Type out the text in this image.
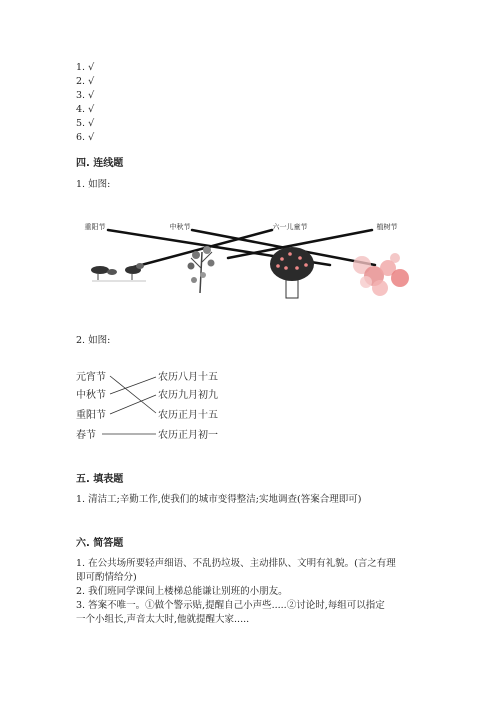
1. √
2. √
3. √
4. √
5. √
6. √
四. 连线题
1. 如图:
重阳节	中秋节	六一儿童节	植树节
2. 如图:
元宵节
中秋节
重阳节
春节
农历八月十五
农历九月初九
农历正月十五
农历正月初一
五. 填表题
1. 清洁工;辛勤工作,使我们的城市变得整洁;实地调查(答案合理即可)
六. 简答题
1. 在公共场所要轻声细语、不乱扔垃圾、主动排队、文明有礼貌。(言之有理
即可酌情给分)
2. 我们班同学课间上楼梯总能谦让别班的小朋友。
3. 答案不唯一。①做个警示贴,提醒自己小声些.....②讨论时,每组可以指定
一个小组长,声音太大时,他就提醒大家.....
